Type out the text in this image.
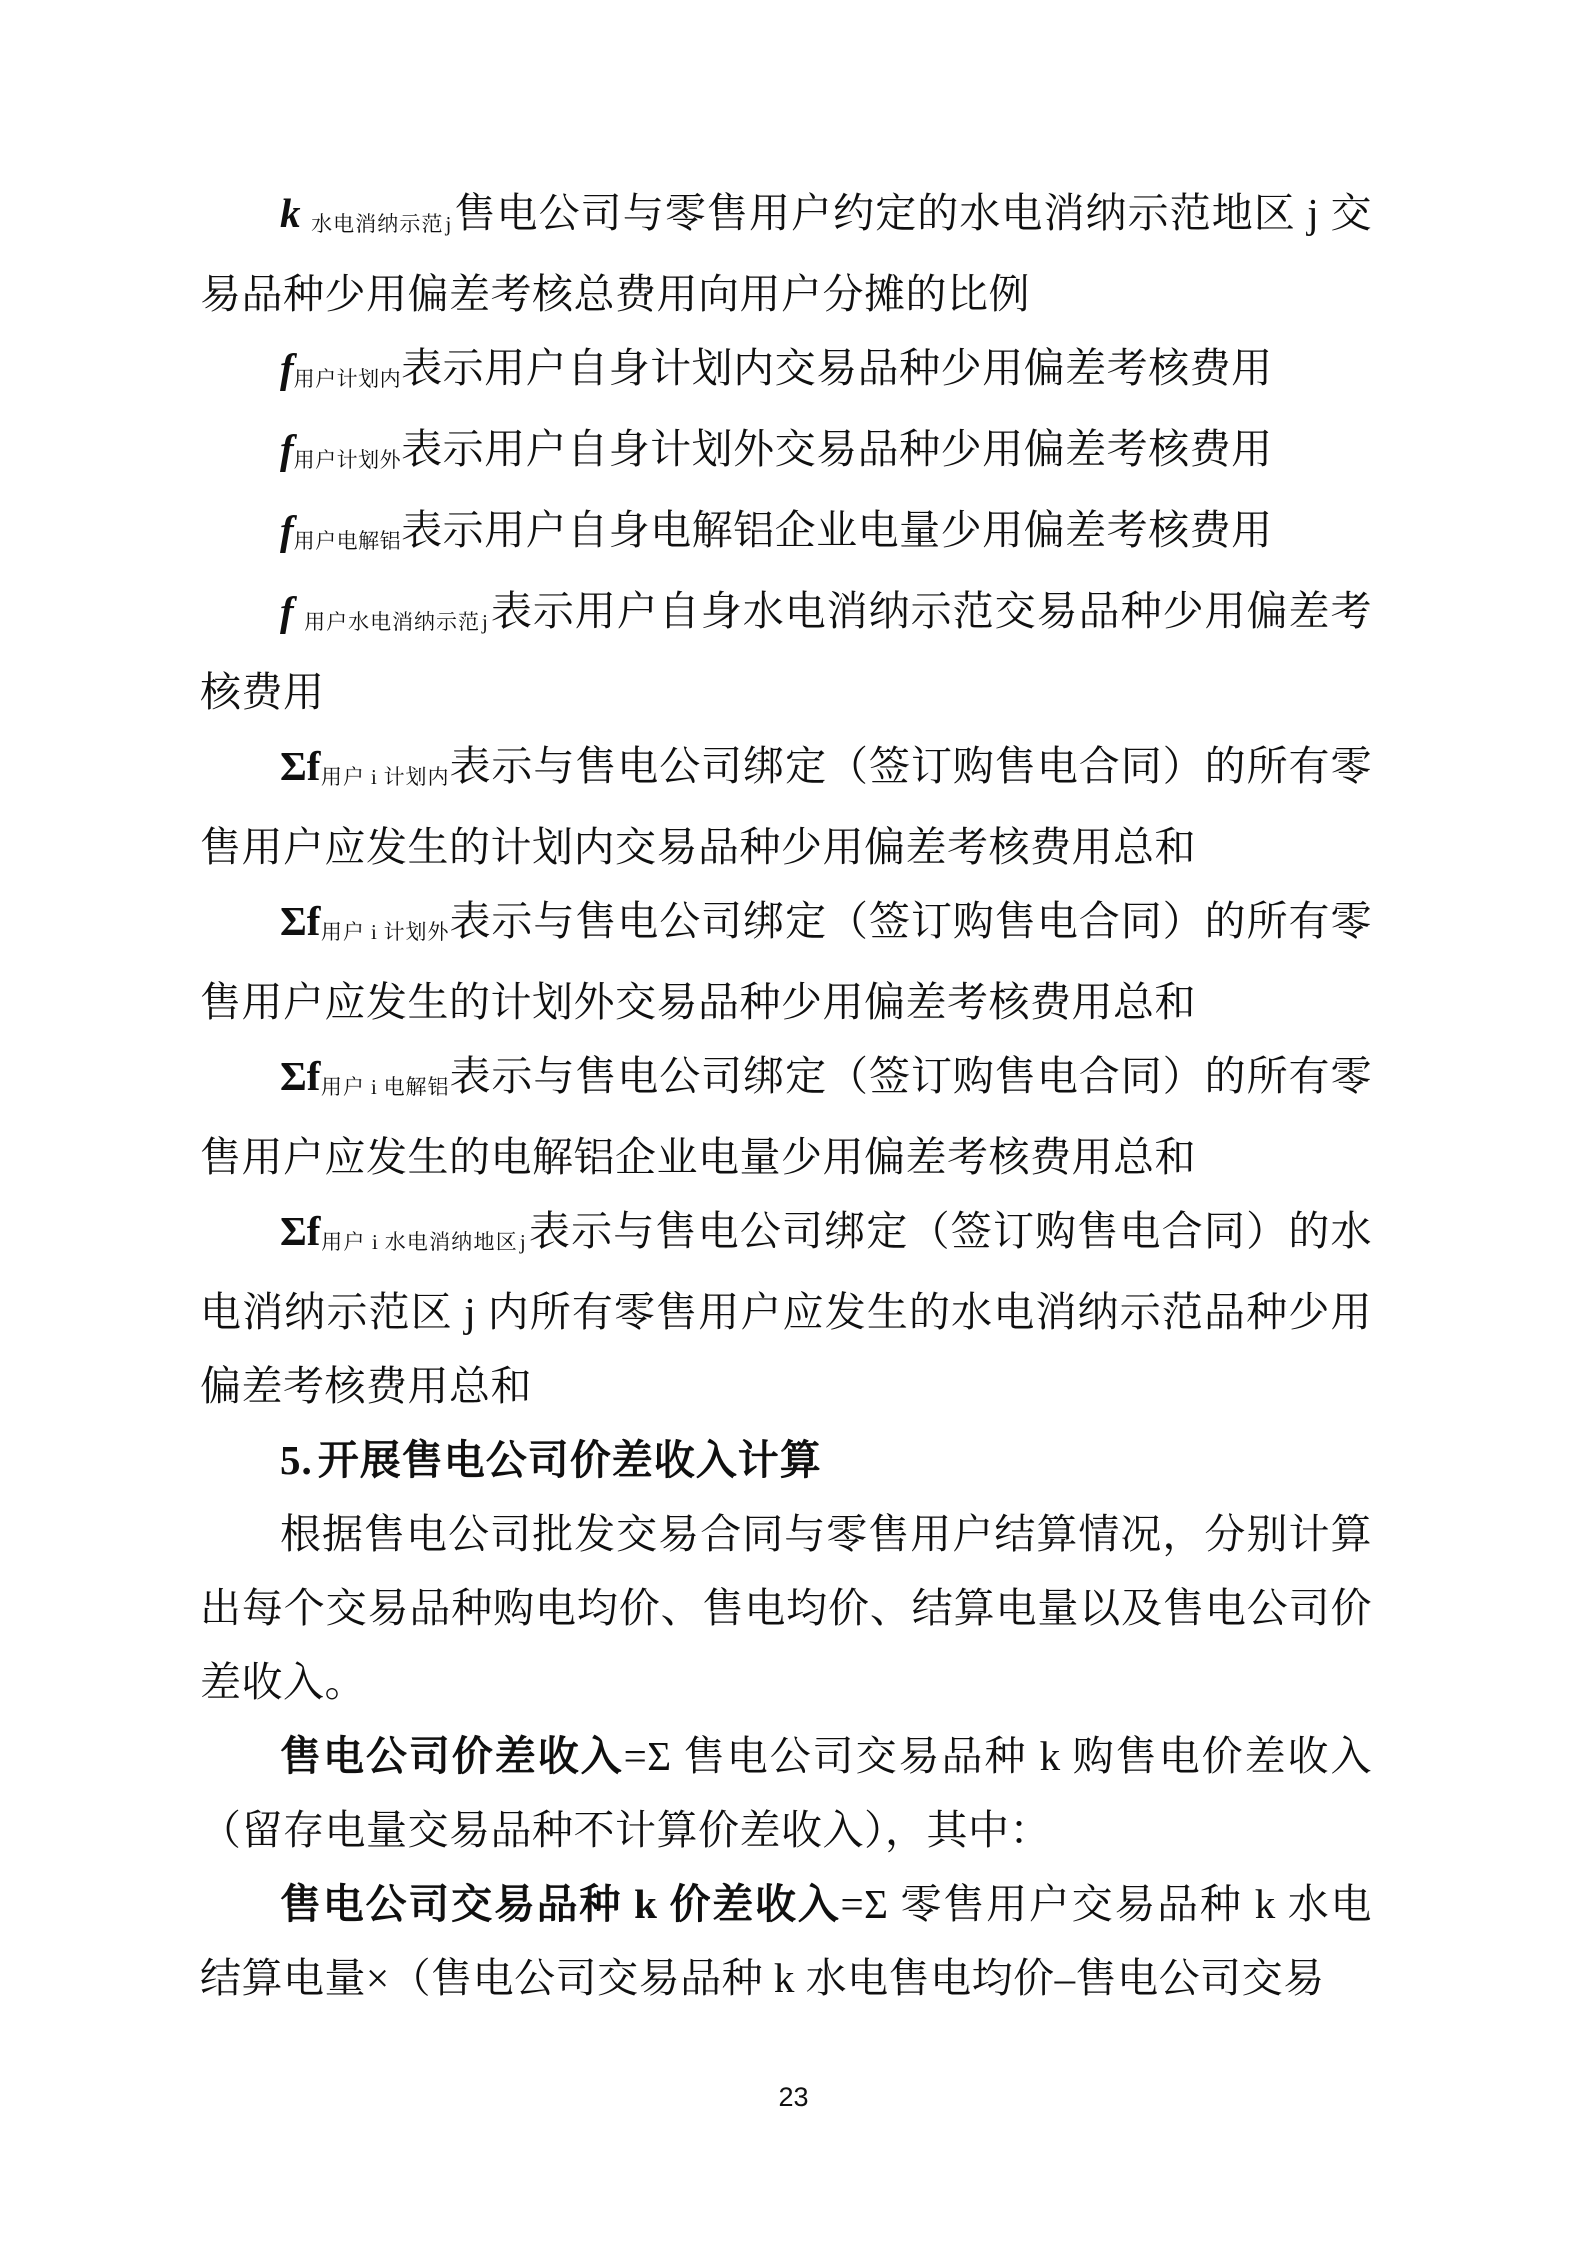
k水电消纳示范j售电公司与零售用户约定的水电消纳示范地区 j 交易品种少用偏差考核总费用向用户分摊的比例

f用户计划内表示用户自身计划内交易品种少用偏差考核费用

f用户计划外表示用户自身计划外交易品种少用偏差考核费用

f用户电解铝表示用户自身电解铝企业电量少用偏差考核费用

f用户水电消纳示范j表示用户自身水电消纳示范交易品种少用偏差考核费用

Σf用户 i 计划内表示与售电公司绑定（签订购售电合同）的所有零售用户应发生的计划内交易品种少用偏差考核费用总和

Σf用户 i 计划外表示与售电公司绑定（签订购售电合同）的所有零售用户应发生的计划外交易品种少用偏差考核费用总和

Σf用户 i 电解铝表示与售电公司绑定（签订购售电合同）的所有零售用户应发生的电解铝企业电量少用偏差考核费用总和

Σf用户 i 水电消纳地区j表示与售电公司绑定（签订购售电合同）的水电消纳示范区 j 内所有零售用户应发生的水电消纳示范品种少用偏差考核费用总和

5. 开展售电公司价差收入计算

根据售电公司批发交易合同与零售用户结算情况，分别计算出每个交易品种购电均价、售电均价、结算电量以及售电公司价差收入。

售电公司价差收入=Σ 售电公司交易品种 k 购售电价差收入（留存电量交易品种不计算价差收入），其中：

售电公司交易品种 k 价差收入=Σ 零售用户交易品种 k 水电结算电量×（售电公司交易品种 k 水电售电均价–售电公司交易

23
